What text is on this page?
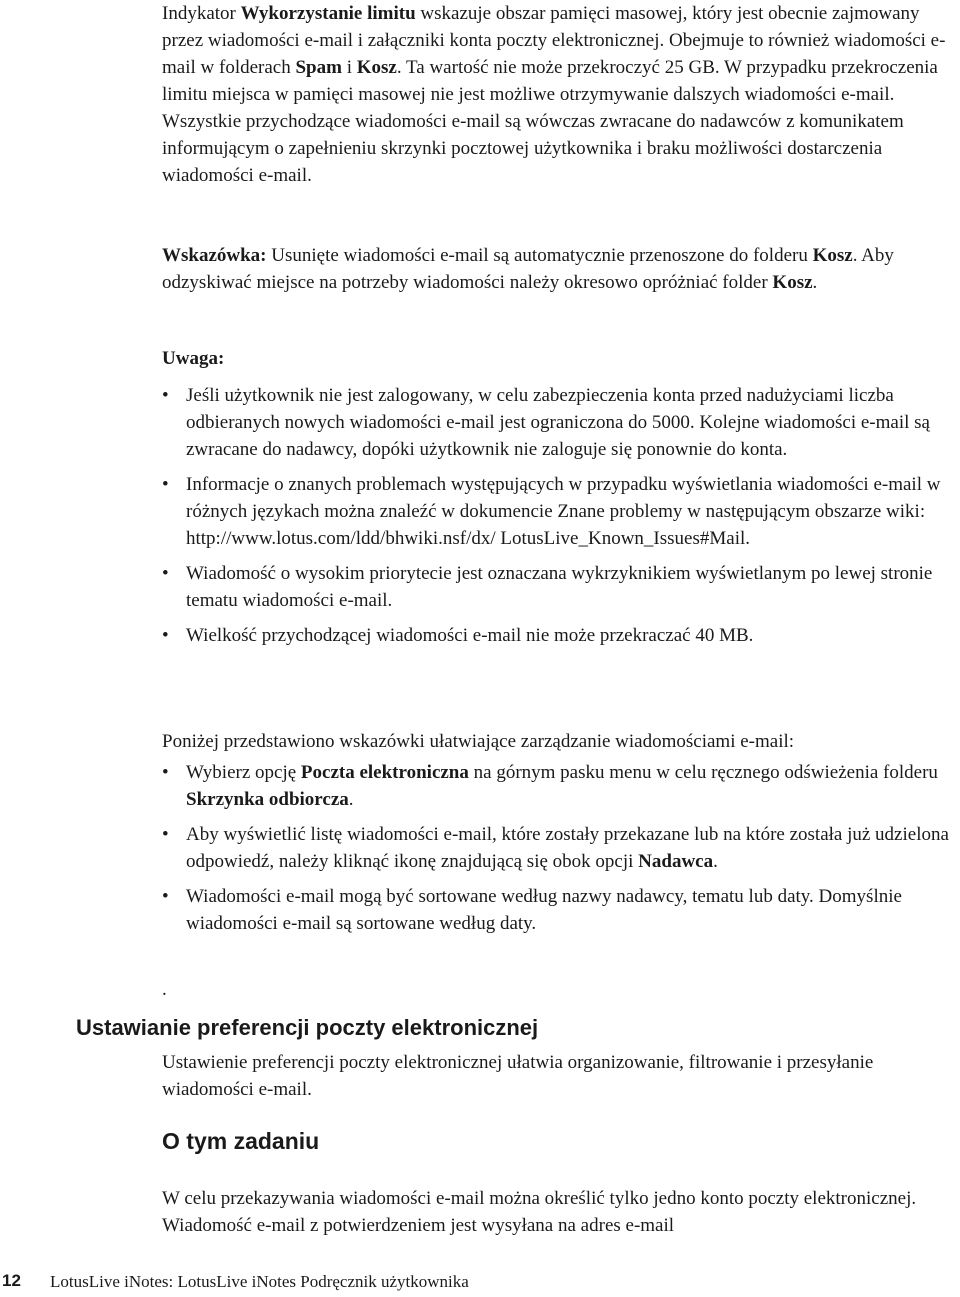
Indykator Wykorzystanie limitu wskazuje obszar pamięci masowej, który jest obecnie zajmowany przez wiadomości e-mail i załączniki konta poczty elektronicznej. Obejmuje to również wiadomości e-mail w folderach Spam i Kosz. Ta wartość nie może przekroczyć 25 GB. W przypadku przekroczenia limitu miejsca w pamięci masowej nie jest możliwe otrzymywanie dalszych wiadomości e-mail. Wszystkie przychodzące wiadomości e-mail są wówczas zwracane do nadawców z komunikatem informującym o zapełnieniu skrzynki pocztowej użytkownika i braku możliwości dostarczenia wiadomości e-mail.

Wskazówka: Usunięte wiadomości e-mail są automatycznie przenoszone do folderu Kosz. Aby odzyskiwać miejsce na potrzeby wiadomości należy okresowo opróżniać folder Kosz.

Uwaga:

• Jeśli użytkownik nie jest zalogowany, w celu zabezpieczenia konta przed nadużyciami liczba odbieranych nowych wiadomości e-mail jest ograniczona do 5000. Kolejne wiadomości e-mail są zwracane do nadawcy, dopóki użytkownik nie zaloguje się ponownie do konta.
• Informacje o znanych problemach występujących w przypadku wyświetlania wiadomości e-mail w różnych językach można znaleźć w dokumencie Znane problemy w następującym obszarze wiki: http://www.lotus.com/ldd/bhwiki.nsf/dx/ LotusLive_Known_Issues#Mail.
• Wiadomość o wysokim priorytecie jest oznaczana wykrzyknikiem wyświetlanym po lewej stronie tematu wiadomości e-mail.
• Wielkość przychodzącej wiadomości e-mail nie może przekraczać 40 MB.

Poniżej przedstawiono wskazówki ułatwiające zarządzanie wiadomościami e-mail:

• Wybierz opcję Poczta elektroniczna na górnym pasku menu w celu ręcznego odświeżenia folderu Skrzynka odbiorcza.
• Aby wyświetlić listę wiadomości e-mail, które zostały przekazane lub na które została już udzielona odpowiedź, należy kliknąć ikonę znajdującą się obok opcji Nadawca.
• Wiadomości e-mail mogą być sortowane według nazwy nadawcy, tematu lub daty. Domyślnie wiadomości e-mail są sortowane według daty.

.

Ustawianie preferencji poczty elektronicznej

Ustawienie preferencji poczty elektronicznej ułatwia organizowanie, filtrowanie i przesyłanie wiadomości e-mail.

O tym zadaniu

W celu przekazywania wiadomości e-mail można określić tylko jedno konto poczty elektronicznej. Wiadomość e-mail z potwierdzeniem jest wysyłana na adres e-mail

12 LotusLive iNotes: LotusLive iNotes Podręcznik użytkownika
